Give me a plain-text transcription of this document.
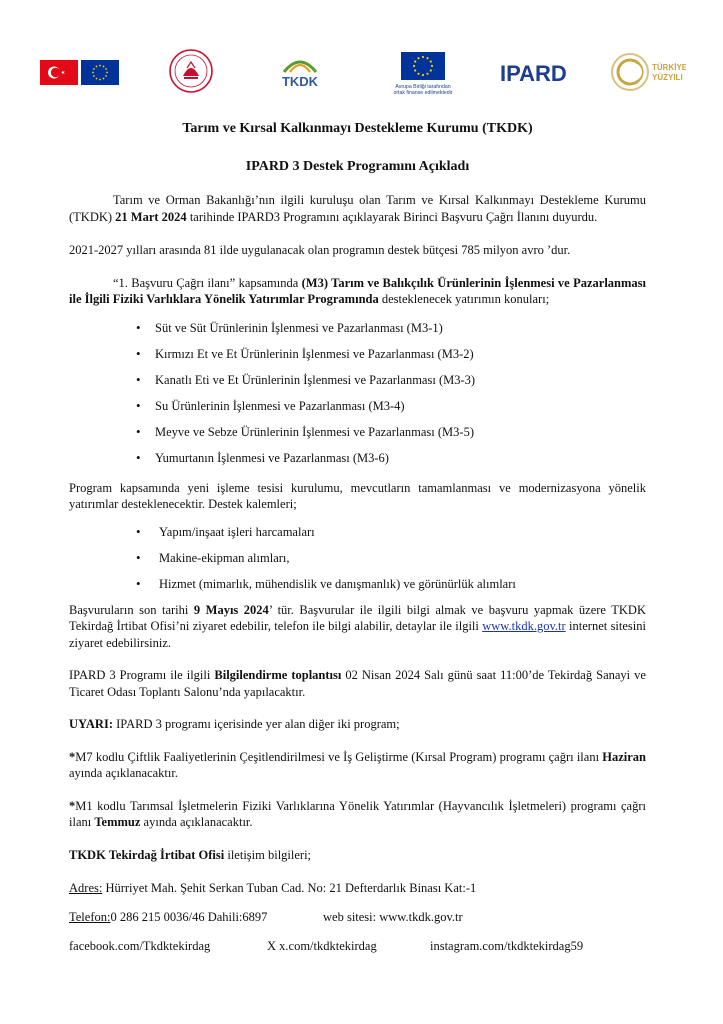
TKDK	Avrupa Birliği tarafından
ortak finanse edilmektedir
IPARD	TÜRKİYE
YÜZYILI
Tarım ve Kırsal Kalkınmayı Destekleme Kurumu (TKDK)
IPARD 3 Destek Programını Açıkladı

Tarım ve Orman Bakanlığı’nın ilgili kuruluşu olan Tarım ve Kırsal Kalkınmayı Destekleme Kurumu (TKDK) 21 Mart 2024 tarihinde IPARD3 Programını açıklayarak Birinci Başvuru Çağrı İlanını duyurdu.

2021-2027 yılları arasında 81 ilde uygulanacak olan programın destek bütçesi 785 milyon avro ’dur.

“1. Başvuru Çağrı ilanı” kapsamında (M3) Tarım ve Balıkçılık Ürünlerinin İşlenmesi ve Pazarlanması ile İlgili Fiziki Varlıklara Yönelik Yatırımlar Programında desteklenecek yatırımın konuları;

• Süt ve Süt Ürünlerinin İşlenmesi ve Pazarlanması (M3-1)
• Kırmızı Et ve Et Ürünlerinin İşlenmesi ve Pazarlanması (M3-2)
• Kanatlı Eti ve Et Ürünlerinin İşlenmesi ve Pazarlanması (M3-3)
• Su Ürünlerinin İşlenmesi ve Pazarlanması (M3-4)
• Meyve ve Sebze Ürünlerinin İşlenmesi ve Pazarlanması (M3-5)
• Yumurtanın İşlenmesi ve Pazarlanması (M3-6)

Program kapsamında yeni işleme tesisi kurulumu, mevcutların tamamlanması ve modernizasyona yönelik yatırımlar desteklenecektir. Destek kalemleri;

• Yapım/inşaat işleri harcamaları
• Makine-ekipman alımları,
• Hizmet (mimarlık, mühendislik ve danışmanlık) ve görünürlük alımları

Başvuruların son tarihi 9 Mayıs 2024’ tür. Başvurular ile ilgili bilgi almak ve başvuru yapmak üzere TKDK Tekirdağ İrtibat Ofisi’ni ziyaret edebilir, telefon ile bilgi alabilir, detaylar ile ilgili www.tkdk.gov.tr internet sitesini ziyaret edebilirsiniz.

IPARD 3 Programı ile ilgili Bilgilendirme toplantısı 02 Nisan 2024 Salı günü saat 11:00’de Tekirdağ Sanayi ve Ticaret Odası Toplantı Salonu’nda yapılacaktır.

UYARI: IPARD 3 programı içerisinde yer alan diğer iki program;

*M7 kodlu Çiftlik Faaliyetlerinin Çeşitlendirilmesi ve İş Geliştirme (Kırsal Program) programı çağrı ilanı Haziran ayında açıklanacaktır.

*M1 kodlu Tarımsal İşletmelerin Fiziki Varlıklarına Yönelik Yatırımlar (Hayvancılık İşletmeleri) programı çağrı ilanı Temmuz ayında açıklanacaktır.

TKDK Tekirdağ İrtibat Ofisi iletişim bilgileri;

Adres: Hürriyet Mah. Şehit Serkan Tuban Cad. No: 21 Defterdarlık Binası Kat:-1

Telefon:0 286 215 0036/46 Dahili:6897	web sitesi: www.tkdk.gov.tr
facebook.com/Tkdktekirdag	X x.com/tkdktekirdag	instagram.com/tkdktekirdag59
